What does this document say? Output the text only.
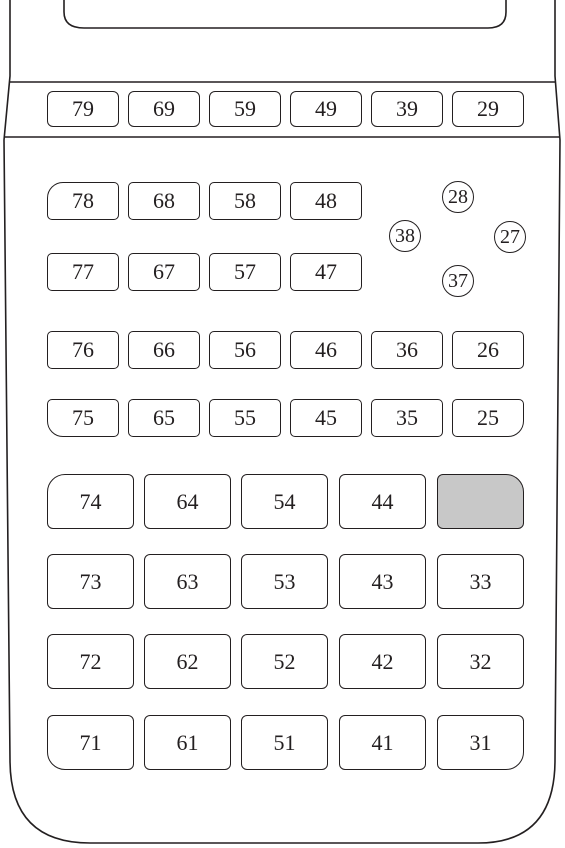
79	69	59	49	39	29
78	68	58	48
77	67	57	47
76	66	56	46	36	26
75	65	55	45	35	25
74	64	54	44
73	63	53	43	33
72	62	52	42	32
71	61	51	41	31
28
38	27
37
